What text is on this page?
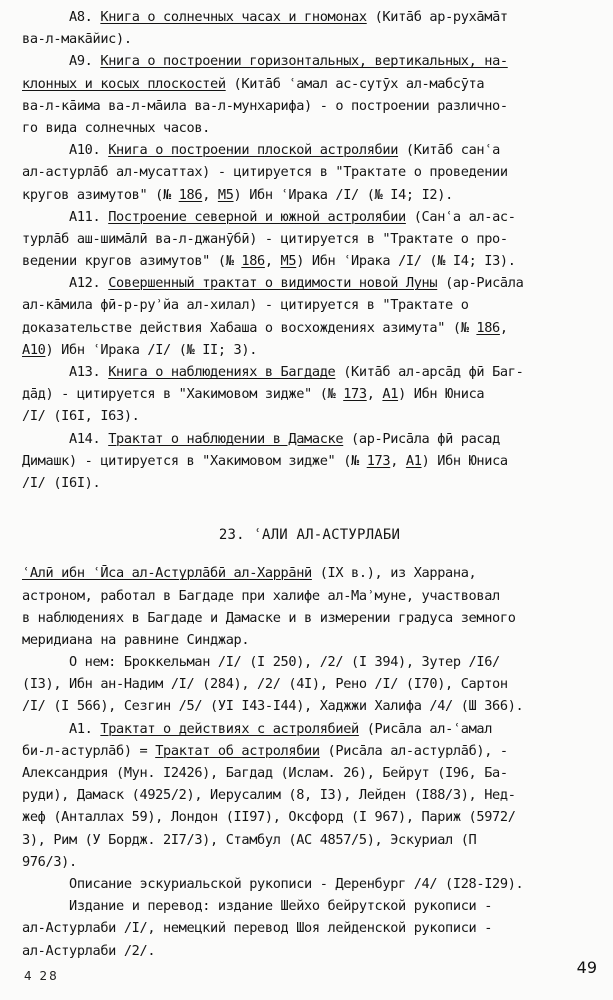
А8. Книга о солнечных часах и гномонах (Китāб ар-рухāмāт
ва-л-макāйис).
А9. Книга о построении горизонтальных, вертикальных, на-
клонных и косых плоскостей (Китāб ʿамал ас-сутӯх ал-мабсӯта
ва-л-кāима ва-л-мāила ва-л-мунхарифа) - о построении различно-
го вида солнечных часов.
А10. Книга о построении плоской астролябии (Китāб санʿа
ал-астурлāб ал-мусаттах) - цитируется в "Трактате о проведении
кругов азимутов" (№ 186, М5) Ибн ʿИрака /I/ (№ I4; I2).
А11. Построение северной и южной астролябии (Санʿа ал-ас-
турлāб аш-шимāлӣ ва-л-джанӯбӣ) - цитируется в "Трактате о про-
ведении кругов азимутов" (№ 186, М5) Ибн ʿИрака /I/ (№ I4; I3).
А12. Совершенный трактат о видимости новой Луны (ар-Рисāла
ал-кāмила фӣ-р-руʾйа ал-хилал) - цитируется в "Трактате о
доказательстве действия Хабаша о восхождениях азимута" (№ 186,
А10) Ибн ʿИрака /I/ (№ II; 3).
А13. Книга о наблюдениях в Багдаде (Китāб ал-арсāд фӣ Баг-
дāд) - цитируется в "Хакимовом зидже" (№ 173, А1) Ибн Юниса
/I/ (I6I, I63).
А14. Трактат о наблюдении в Дамаске (ар-Рисāла фӣ расад
Димашк) - цитируется в "Хакимовом зидже" (№ 173, А1) Ибн Юниса
/I/ (I6I).
23. ʿАЛИ АЛ-АСТУРЛАБИ
ʿАлӣ ибн ʿӢса ал-Астурлāбӣ ал-Харрāнӣ (IX в.), из Харрана,
астроном, работал в Багдаде при халифе ал-Маʾмуне, участвовал
в наблюдениях в Багдаде и Дамаске и в измерении градуса земного
меридиана на равнине Синджар.
О нем: Броккельман /I/ (I 250), /2/ (I 394), Зутер /I6/
(I3), Ибн ан-Надим /I/ (284), /2/ (4I), Рено /I/ (I70), Сартон
/I/ (I 566), Сезгин /5/ (УI I43-I44), Хаджжи Халифа /4/ (Ш 366).
А1. Трактат о действиях с астролябией (Рисāла ал-ʿамал
би-л-астурлāб) = Трактат об астролябии (Рисāла ал-астурлāб), -
Александрия (Мун. I2426), Багдад (Ислам. 26), Бейрут (I96, Ба-
руди), Дамаск (4925/2), Иерусалим (8, I3), Лейден (I88/3), Нед-
жеф (Анталлах 59), Лондон (II97), Оксфорд (I 967), Париж (5972/
3), Рим (У Бордж. 2I7/3), Стамбул (АС 4857/5), Эскуриал (П
976/3).
Описание эскуриальской рукописи - Деренбург /4/ (I28-I29).
Издание и перевод: издание Шейхо бейрутской рукописи -
ал-Астурлаби /I/, немецкий перевод Шоя лейденской рукописи -
ал-Астурлаби /2/.
4 28	49
